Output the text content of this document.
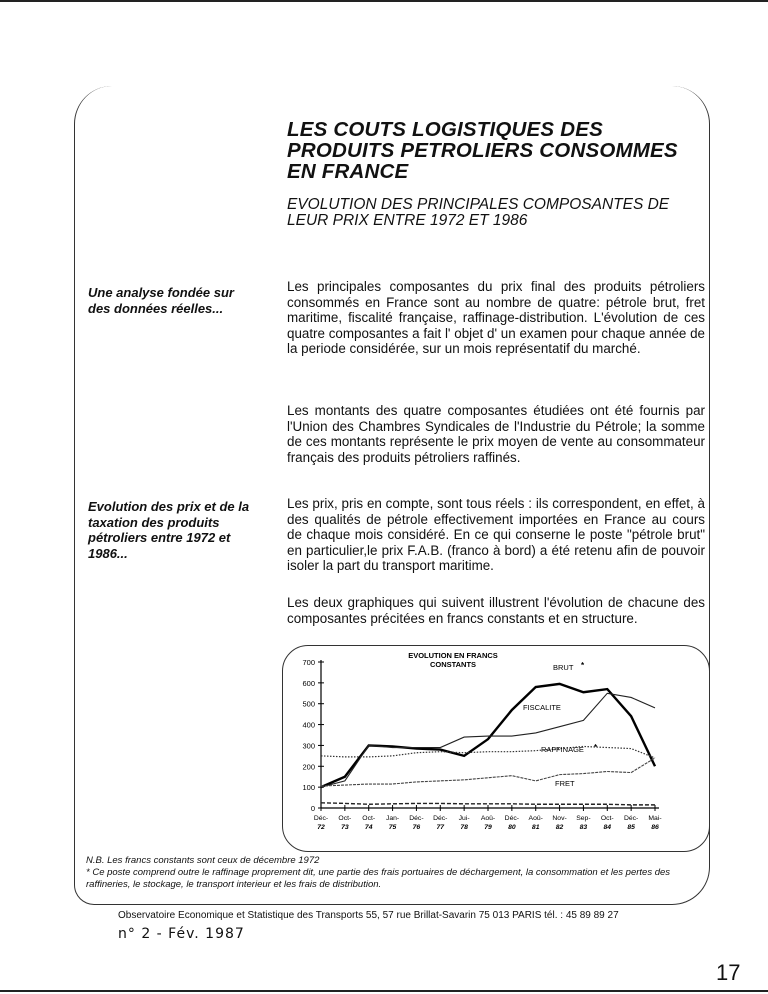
LES COUTS LOGISTIQUES DES PRODUITS PETROLIERS CONSOMMES EN FRANCE

EVOLUTION DES PRINCIPALES COMPOSANTES DE LEUR PRIX ENTRE 1972 ET 1986

Une analyse fondée sur des données réelles...

Evolution des prix et de la taxation des produits pétroliers entre 1972 et 1986...

Les principales composantes du prix final des produits pétroliers consommés en France sont au nombre de quatre: pétrole brut, fret maritime, fiscalité française, raffinage-distribution. L'évolution de ces quatre composantes a fait l' objet d' un examen pour chaque année de la periode considérée, sur un mois représentatif du marché.

Les montants des quatre composantes étudiées ont été fournis par l'Union des Chambres Syndicales de l'Industrie du Pétrole; la somme de ces montants représente le prix moyen de vente au consommateur français des produits pétroliers raffinés.

Les prix, pris en compte, sont tous réels : ils correspondent, en effet, à des qualités de pétrole effectivement importées en France au cours de chaque mois considéré. En ce qui conserne le poste "pétrole brut" en particulier,le prix F.A.B. (franco à bord) a été retenu afin de pouvoir isoler la part du transport maritime.

Les deux graphiques qui suivent illustrent l'évolution de chacune des composantes précitées en francs constants et en structure.

0
100
200
300
400
500
600
700
Déc-
72
Oct-
73
Oct-
74
Jan-
75
Déc-
76
Déc-
77
Jui-
78
Aoû-
79
Déc-
80
Aoû-
81
Nov-
82
Sep-
83
Oct-
84
Déc-
85
Mai-
86
EVOLUTION EN FRANCS
CONSTANTS	BRUT *
FISCALITE
RAFFINAGE *
FRET

N.B. Les francs constants sont ceux de décembre 1972
* Ce poste comprend outre le raffinage proprement dit, une partie des frais portuaires de déchargement, la consommation et les pertes des raffineries, le stockage, le transport interieur et les frais de distribution.

Observatoire Economique et Statistique des Transports 55, 57 rue Brillat-Savarin 75 013 PARIS tél. : 45 89 89 27

n° 2 - Fév. 1987

17
